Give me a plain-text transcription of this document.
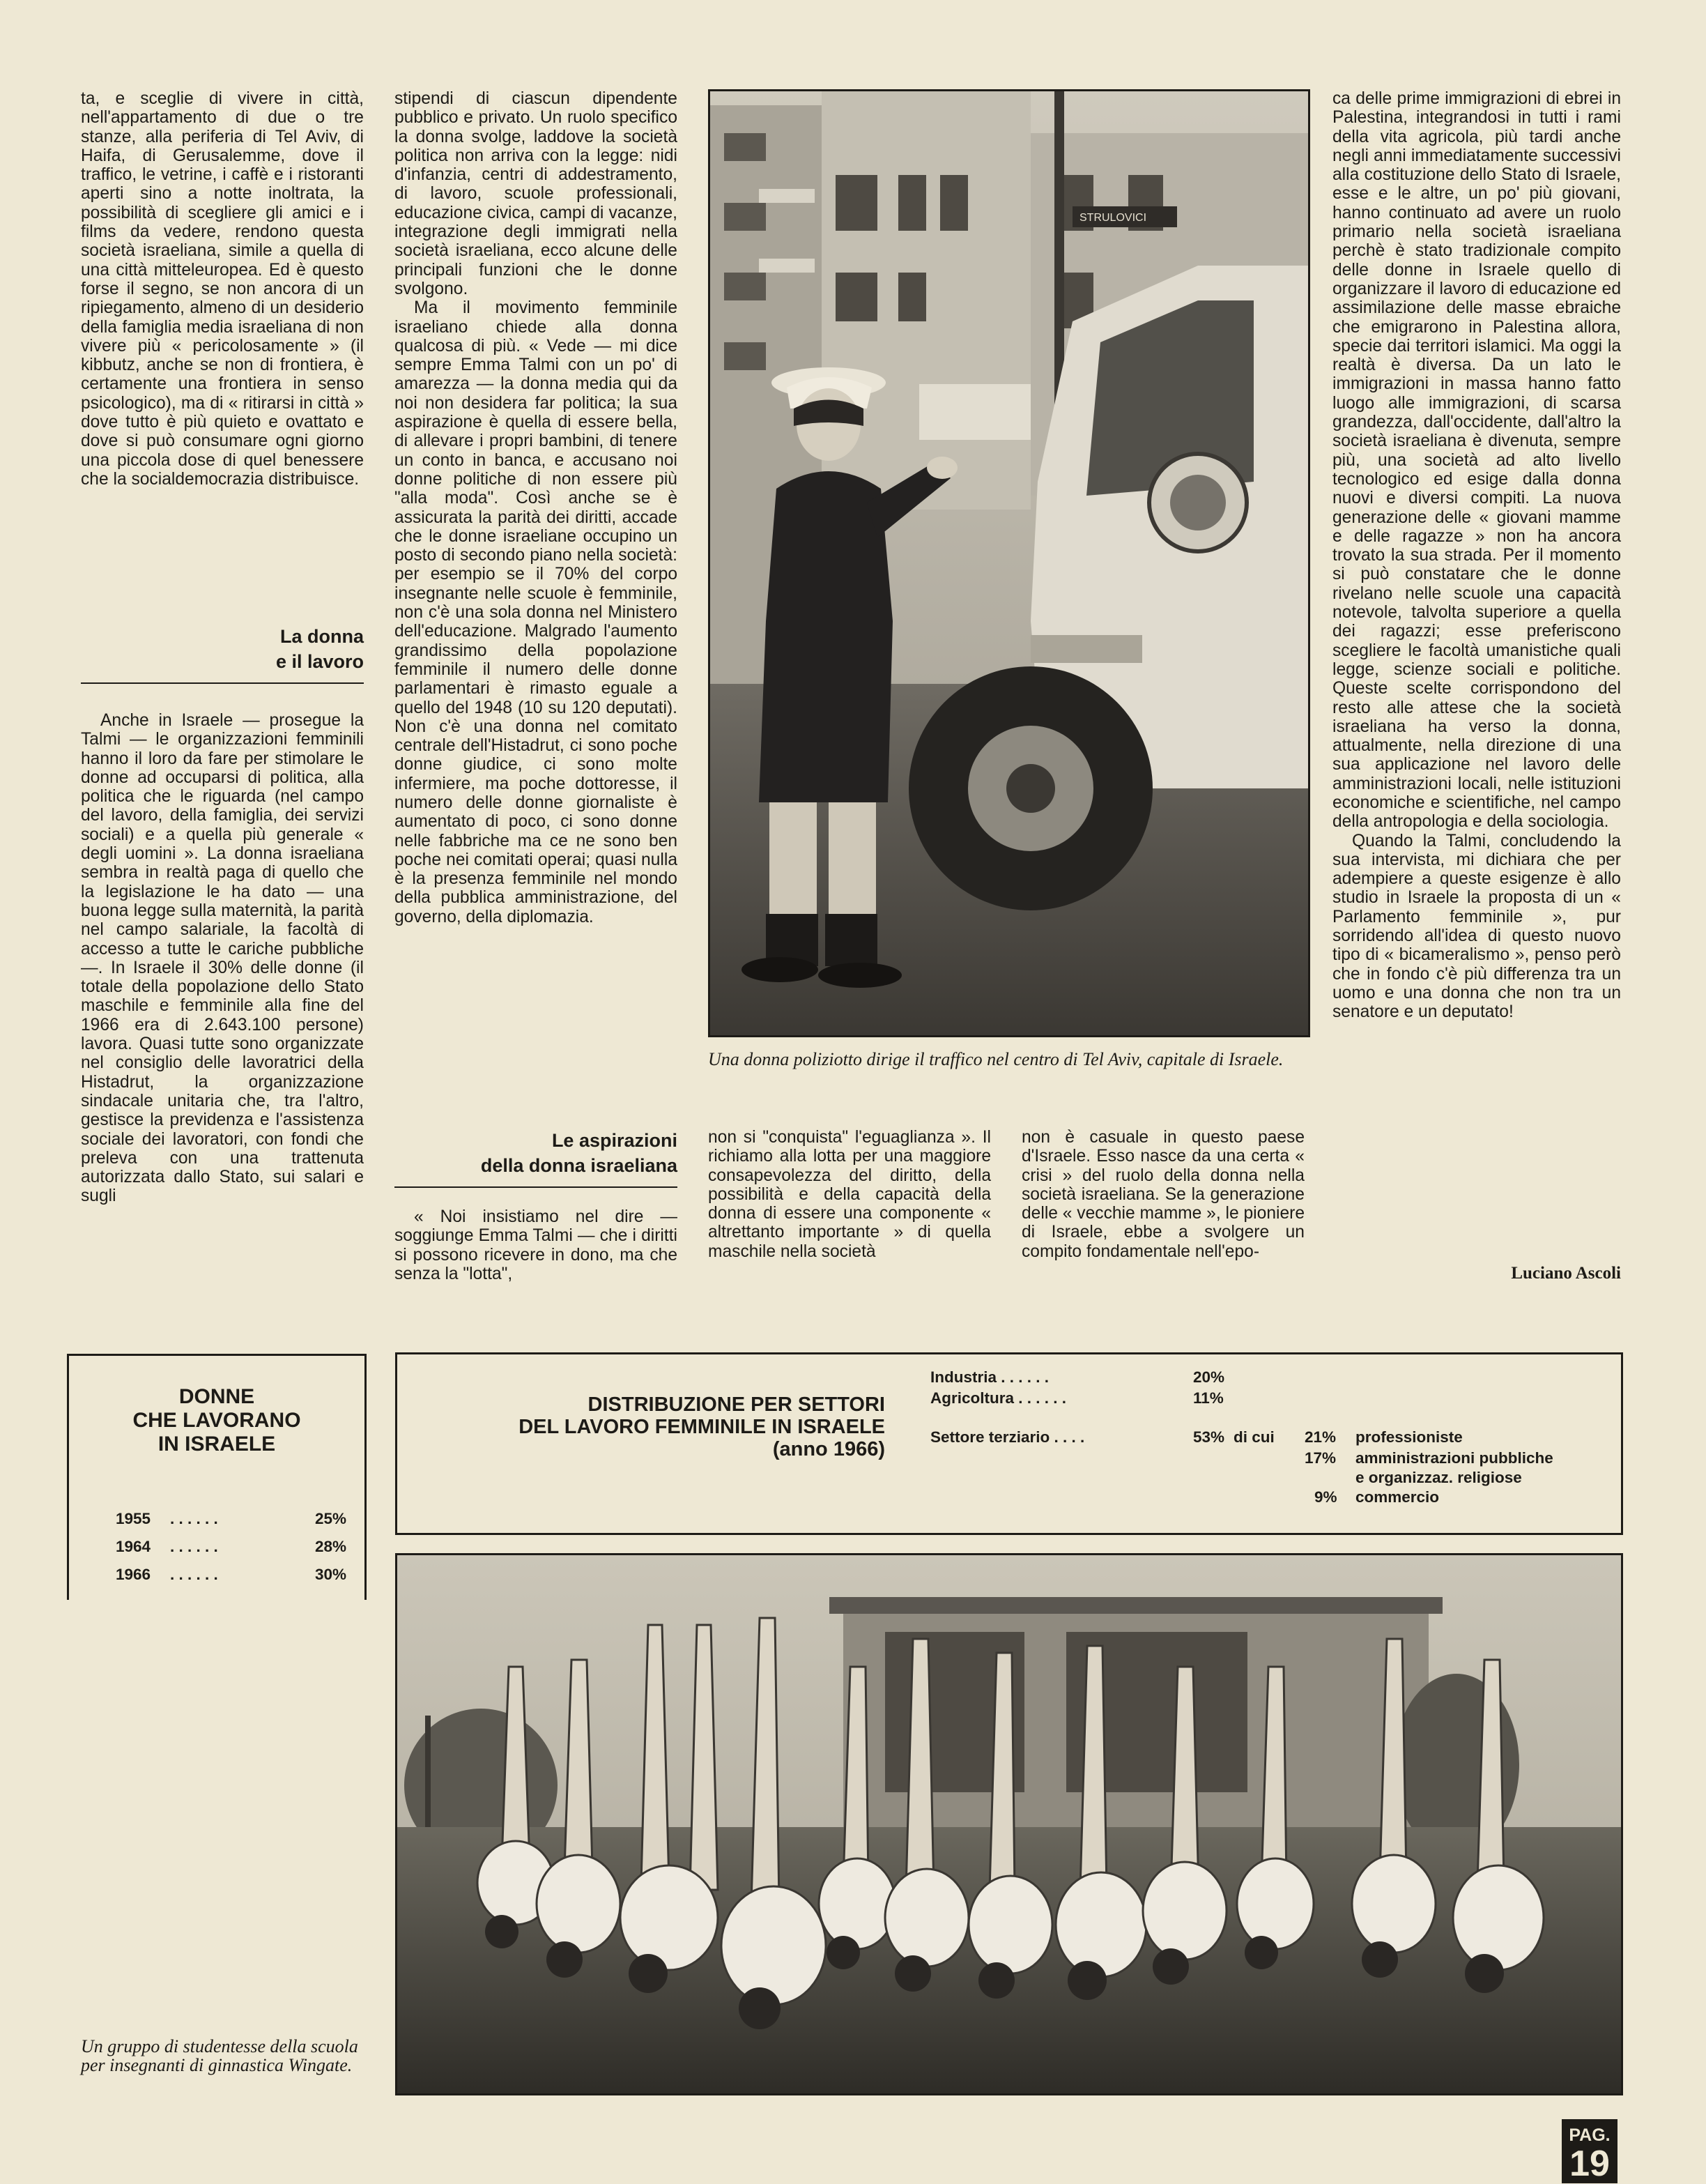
ta, e sceglie di vivere in città, nell'appartamento di due o tre stanze, alla periferia di Tel Aviv, di Haifa, di Gerusalemme, dove il traffico, le vetrine, i caffè e i ristoranti aperti sino a notte inoltrata, la possibilità di scegliere gli amici e i films da vedere, rendono questa società israeliana, simile a quella di una città mitteleuropea. Ed è questo forse il segno, se non ancora di un ripiegamento, almeno di un desiderio della famiglia media israeliana di non vivere più « pericolosamente » (il kibbutz, anche se non di frontiera, è certamente una frontiera in senso psicologico), ma di « ritirarsi in città » dove tutto è più quieto e ovattato e dove si può consumare ogni giorno una piccola dose di quel benessere che la socialdemocrazia distribuisce.

La donna
e il lavoro

Anche in Israele — prosegue la Talmi — le organizzazioni femminili hanno il loro da fare per stimolare le donne ad occuparsi di politica, alla politica che le riguarda (nel campo del lavoro, della famiglia, dei servizi sociali) e a quella più generale « degli uomini ». La donna israeliana sembra in realtà paga di quello che la legislazione le ha dato — una buona legge sulla maternità, la parità nel campo salariale, la facoltà di accesso a tutte le cariche pubbliche —. In Israele il 30% delle donne (il totale della popolazione dello Stato maschile e femminile alla fine del 1966 era di 2.643.100 persone) lavora. Quasi tutte sono organizzate nel consiglio delle lavoratrici della Histadrut, la organizzazione sindacale unitaria che, tra l'altro, gestisce la previdenza e l'assistenza sociale dei lavoratori, con fondi che preleva con una trattenuta autorizzata dallo Stato, sui salari e sugli

stipendi di ciascun dipendente pubblico e privato. Un ruolo specifico la donna svolge, laddove la società politica non arriva con la legge: nidi d'infanzia, centri di addestramento, di lavoro, scuole professionali, educazione civica, campi di vacanze, integrazione degli immigrati nella società israeliana, ecco alcune delle principali funzioni che le donne svolgono.

Ma il movimento femminile israeliano chiede alla donna qualcosa di più. « Vede — mi dice sempre Emma Talmi con un po' di amarezza — la donna media qui da noi non desidera far politica; la sua aspirazione è quella di essere bella, di allevare i propri bambini, di tenere un conto in banca, e accusano noi donne politiche di non essere più "alla moda". Così anche se è assicurata la parità dei diritti, accade che le donne israeliane occupino un posto di secondo piano nella società: per esempio se il 70% del corpo insegnante nelle scuole è femminile, non c'è una sola donna nel Ministero dell'educazione. Malgrado l'aumento grandissimo della popolazione femminile il numero delle donne parlamentari è rimasto eguale a quello del 1948 (10 su 120 deputati). Non c'è una donna nel comitato centrale dell'Histadrut, ci sono poche donne giudice, ci sono molte infermiere, ma poche dottoresse, il numero delle donne giornaliste è aumentato di poco, ci sono donne nelle fabbriche ma ce ne sono ben poche nei comitati operai; quasi nulla è la presenza femminile nel mondo della pubblica amministrazione, del governo, della diplomazia.

Le aspirazioni
della donna israeliana

« Noi insistiamo nel dire — soggiunge Emma Talmi — che i diritti si possono ricevere in dono, ma che senza la "lotta",

non si "conquista" l'eguaglianza ». Il richiamo alla lotta per una maggiore consapevolezza del diritto, della possibilità e della capacità della donna di essere una componente « altrettanto importante » di quella maschile nella società

non è casuale in questo paese d'Israele. Esso nasce da una certa « crisi » del ruolo della donna nella società israeliana. Se la generazione delle « vecchie mamme », le pioniere di Israele, ebbe a svolgere un compito fondamentale nell'epo-

ca delle prime immigrazioni di ebrei in Palestina, integrandosi in tutti i rami della vita agricola, più tardi anche negli anni immediatamente successivi alla costituzione dello Stato di Israele, esse e le altre, un po' più giovani, hanno continuato ad avere un ruolo primario nella società israeliana perchè è stato tradizionale compito delle donne in Israele quello di organizzare il lavoro di educazione ed assimilazione delle masse ebraiche che emigrarono in Palestina allora, specie dai territori islamici. Ma oggi la realtà è diversa. Da un lato le immigrazioni in massa hanno fatto luogo alle immigrazioni, di scarsa grandezza, dall'occidente, dall'altro la società israeliana è divenuta, sempre più, una società ad alto livello tecnologico ed esige dalla donna nuovi e diversi compiti. La nuova generazione delle « giovani mamme e delle ragazze » non ha ancora trovato la sua strada. Per il momento si può constatare che le donne rivelano nelle scuole una capacità notevole, talvolta superiore a quella dei ragazzi; esse preferiscono scegliere le facoltà umanistiche quali legge, scienze sociali e politiche. Queste scelte corrispondono del resto alle attese che la società israeliana ha verso la donna, attualmente, nella direzione di una sua applicazione nel lavoro delle amministrazioni locali, nelle istituzioni economiche e scientifiche, nel campo della antropologia e della sociologia.

Quando la Talmi, concludendo la sua intervista, mi dichiara che per adempiere a queste esigenze è allo studio in Israele la proposta di un « Parlamento femminile », pur sorridendo all'idea di questo nuovo tipo di « bicameralismo », penso però che in fondo c'è più differenza tra un uomo e una donna che non tra un senatore e un deputato!

Luciano Ascoli
STRULOVICI
Una donna poliziotto dirige il traffico nel centro di Tel Aviv, capitale di Israele.
DONNE
CHE LAVORANO
IN ISRAELE

1955
	. . . . . .
	25%

1964
	. . . . . .
	28%

1966
	. . . . . .
	30%

DISTRIBUZIONE PER SETTORI
DEL LAVORO FEMMINILE IN ISRAELE
(anno 1966)
Industria . . . . . .	20%
Agricoltura . . . . . .	11%
Settore terziario . . . .	53% di cui 21% professioniste
17% amministrazioni pubbliche
e organizzaz. religiose
9% commercio
Un gruppo di studentesse della scuola per insegnanti di ginnastica Wingate.
PAG.
19
